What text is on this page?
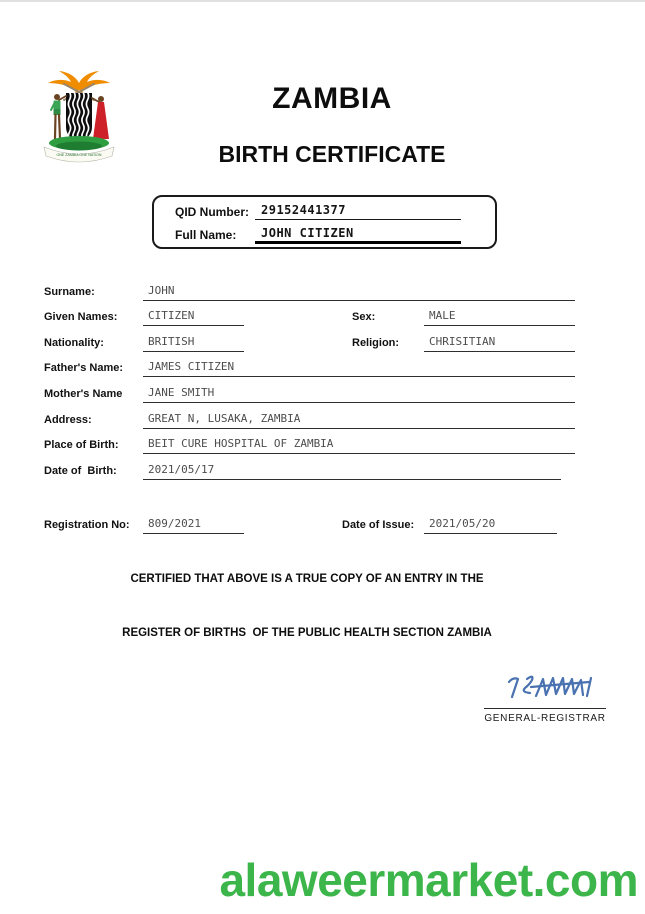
ONE ZAMBIA ONE NATION
ZAMBIA
BIRTH CERTIFICATE
QID Number: 29152441377
Full Name:	JOHN CITIZEN
Surname:	JOHN
Given Names:	CITIZEN	Sex:	MALE
Nationality:	BRITISH	Religion:	CHRISITIAN
Father's Name:	JAMES CITIZEN
Mother's Name	JANE SMITH
Address:	GREAT N, LUSAKA, ZAMBIA
Place of Birth:	BEIT CURE HOSPITAL OF ZAMBIA
Date of  Birth:	2021/05/17
Registration No:	809/2021	Date of Issue:	2021/05/20
CERTIFIED THAT ABOVE IS A TRUE COPY OF AN ENTRY IN THE
REGISTER OF BIRTHS  OF THE PUBLIC HEALTH SECTION ZAMBIA
GENERAL-REGISTRAR
alaweermarket.com
